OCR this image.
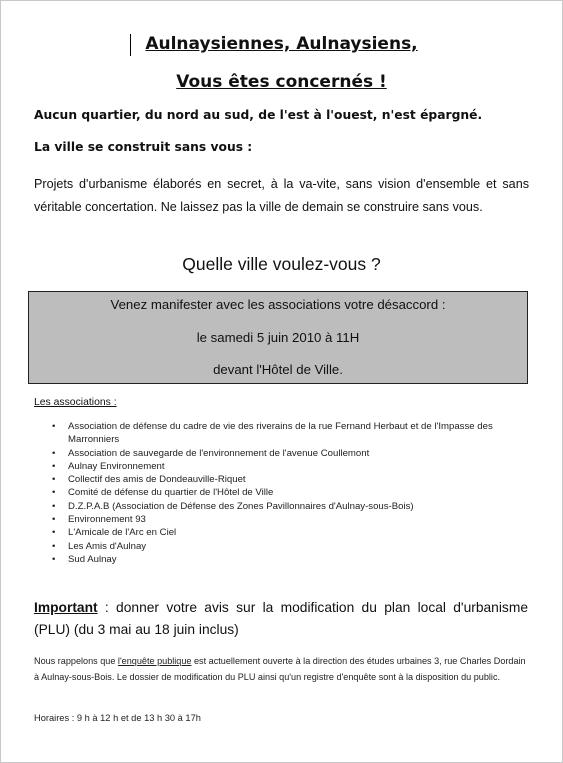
Aulnaysiennes, Aulnaysiens,
Vous êtes concernés !
Aucun quartier, du nord au sud, de l'est à l'ouest, n'est épargné.
La ville se construit sans vous :
Projets d'urbanisme élaborés en secret, à la va-vite, sans vision d'ensemble et sans véritable concertation. Ne laissez pas la ville de demain se construire sans vous.
Quelle ville voulez-vous ?
Venez manifester avec les associations votre désaccord :
le samedi 5 juin 2010 à 11H
devant l'Hôtel de Ville.
Les associations :
• Association de défense du cadre de vie des riverains de la rue Fernand Herbaut et de l'Impasse des Marronniers
• Association de sauvegarde de l'environnement de l'avenue Coullemont
• Aulnay Environnement
• Collectif des amis de Dondeauville-Riquet
• Comité de défense du quartier de l'Hôtel de Ville
• D.Z.P.A.B (Association de Défense des Zones Pavillonnaires d'Aulnay-sous-Bois)
• Environnement 93
• L'Amicale de l'Arc en Ciel
• Les Amis d'Aulnay
• Sud Aulnay
Important : donner votre avis sur la modification du plan local d'urbanisme (PLU) (du 3 mai au 18 juin inclus)
Nous rappelons que l'enquête publique est actuellement ouverte à la direction des études urbaines 3, rue Charles Dordain à Aulnay-sous-Bois. Le dossier de modification du PLU ainsi qu'un registre d'enquête sont à la disposition du public.
Horaires : 9 h à 12 h et de 13 h 30 à 17h
